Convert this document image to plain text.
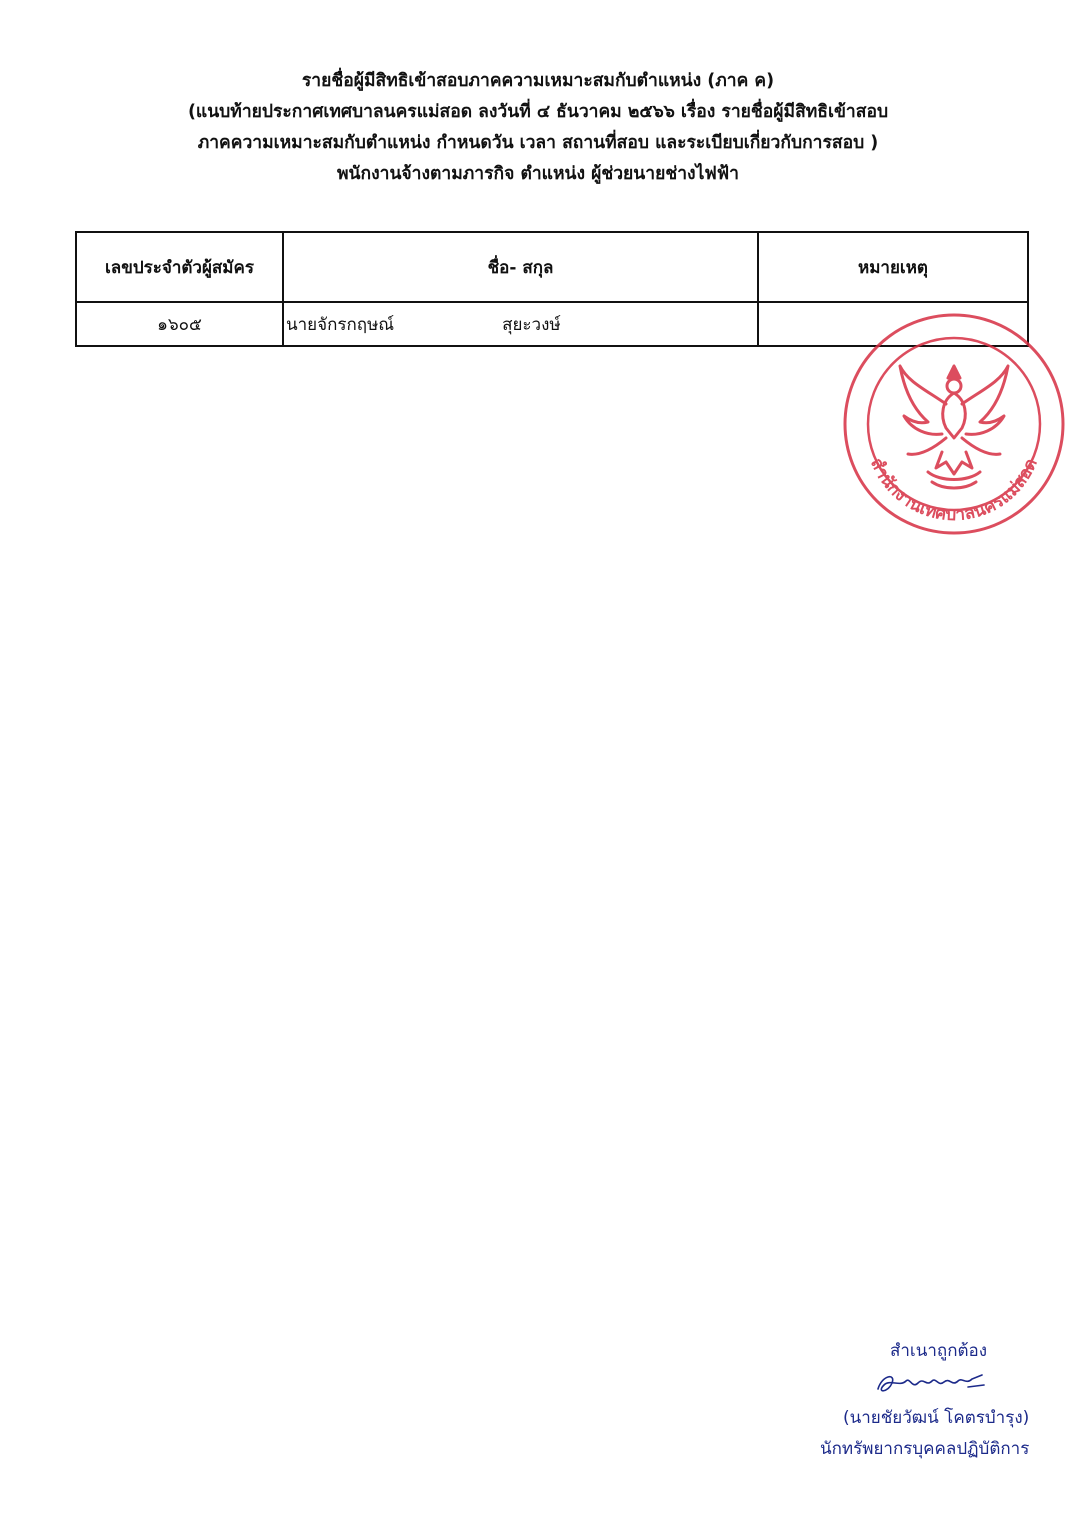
รายชื่อผู้มีสิทธิเข้าสอบภาคความเหมาะสมกับตำแหน่ง (ภาค ค)
(แนบท้ายประกาศเทศบาลนครแม่สอด ลงวันที่ ๔ ธันวาคม ๒๕๖๖ เรื่อง รายชื่อผู้มีสิทธิเข้าสอบ
ภาคความเหมาะสมกับตำแหน่ง กำหนดวัน เวลา สถานที่สอบ และระเบียบเกี่ยวกับการสอบ )
พนักงานจ้างตามภารกิจ ตำแหน่ง ผู้ช่วยนายช่างไฟฟ้า
เลขประจำตัวผู้สมัคร	ชื่อ- สกุล	หมายเหตุ
๑๖๐๕	นายจักรกฤษณ์ สุยะวงษ์	
สำนักงานเทศบาลนครแม่สอด
สำเนาถูกต้อง
(นายชัยวัฒน์ โคตรบำรุง)
นักทรัพยากรบุคคลปฏิบัติการ
